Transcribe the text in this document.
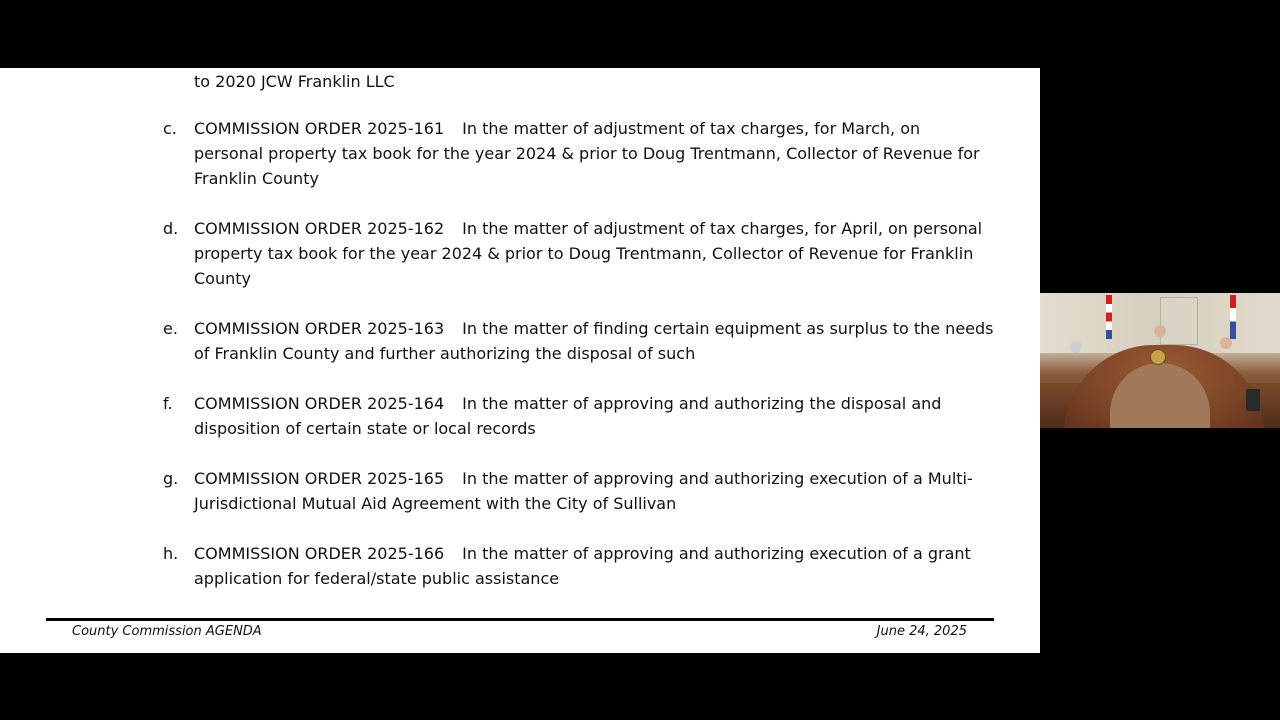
to 2020 JCW Franklin LLC
c. COMMISSION ORDER 2025-161 In the matter of adjustment of tax charges, for March, on personal property tax book for the year 2024 & prior to Doug Trentmann, Collector of Revenue for Franklin County
d. COMMISSION ORDER 2025-162 In the matter of adjustment of tax charges, for April, on personal property tax book for the year 2024 & prior to Doug Trentmann, Collector of Revenue for Franklin County
e. COMMISSION ORDER 2025-163 In the matter of finding certain equipment as surplus to the needs of Franklin County and further authorizing the disposal of such
f. COMMISSION ORDER 2025-164 In the matter of approving and authorizing the disposal and disposition of certain state or local records
g. COMMISSION ORDER 2025-165 In the matter of approving and authorizing execution of a Multi-Jurisdictional Mutual Aid Agreement with the City of Sullivan
h. COMMISSION ORDER 2025-166 In the matter of approving and authorizing execution of a grant application for federal/state public assistance
County Commission AGENDA	June 24, 2025
